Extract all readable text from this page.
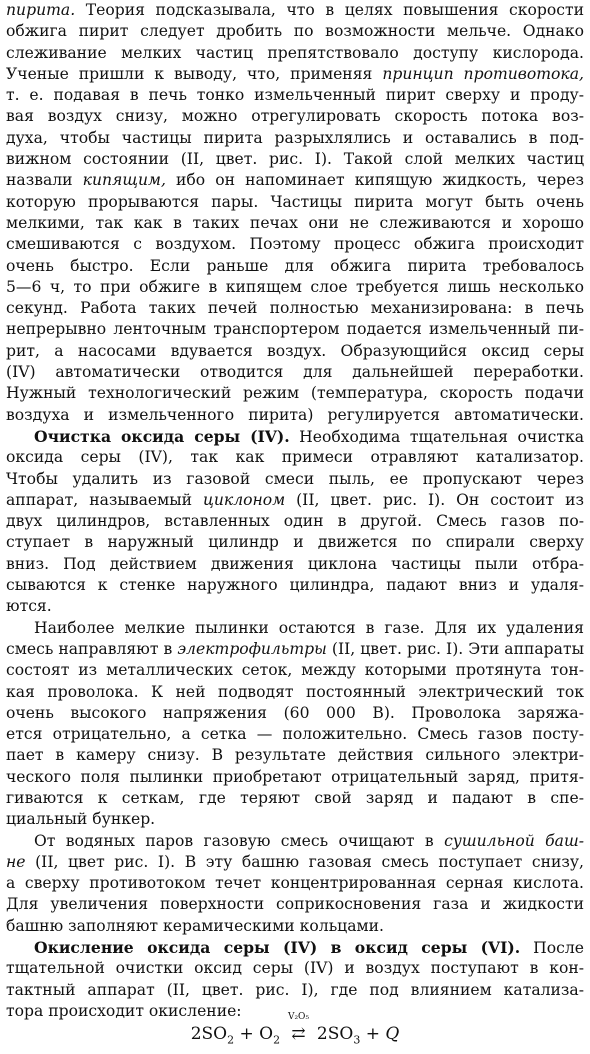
пирита. Теория подсказывала, что в целях повышения скорости
обжига пирит следует дробить по возможности мельче. Однако
слеживание мелких частиц препятствовало доступу кислорода.
Ученые пришли к выводу, что, применяя принцип противотока,
т. е. подавая в печь тонко измельченный пирит сверху и проду-
вая воздух снизу, можно отрегулировать скорость потока воз-
духа, чтобы частицы пирита разрыхлялись и оставались в под-
вижном состоянии (II, цвет. рис. I). Такой слой мелких частиц
назвали кипящим, ибо он напоминает кипящую жидкость, через
которую прорываются пары. Частицы пирита могут быть очень
мелкими, так как в таких печах они не слеживаются и хорошо
смешиваются с воздухом. Поэтому процесс обжига происходит
очень быстро. Если раньше для обжига пирита требовалось
5—6 ч, то при обжиге в кипящем слое требуется лишь несколько
секунд. Работа таких печей полностью механизирована: в печь
непрерывно ленточным транспортером подается измельченный пи-
рит, а насосами вдувается воздух. Образующийся оксид серы
(IV) автоматически отводится для дальнейшей переработки.
Нужный технологический режим (температура, скорость подачи
воздуха и измельченного пирита) регулируется автоматически.
Очистка оксида серы (IV). Необходима тщательная очистка
оксида серы (IV), так как примеси отравляют катализатор.
Чтобы удалить из газовой смеси пыль, ее пропускают через
аппарат, называемый циклоном (II, цвет. рис. I). Он состоит из
двух цилиндров, вставленных один в другой. Смесь газов по-
ступает в наружный цилиндр и движется по спирали сверху
вниз. Под действием движения циклона частицы пыли отбра-
сываются к стенке наружного цилиндра, падают вниз и удаля-
ются.
Наиболее мелкие пылинки остаются в газе. Для их удаления
смесь направляют в электрофильтры (II, цвет. рис. I). Эти аппараты
состоят из металлических сеток, между которыми протянута тон-
кая проволока. К ней подводят постоянный электрический ток
очень высокого напряжения (60 000 В). Проволока заряжа-
ется отрицательно, а сетка — положительно. Смесь газов посту-
пает в камеру снизу. В результате действия сильного электри-
ческого поля пылинки приобретают отрицательный заряд, притя-
гиваются к сеткам, где теряют свой заряд и падают в спе-
циальный бункер.
От водяных паров газовую смесь очищают в сушильной баш-
не (II, цвет рис. I). В эту башню газовая смесь поступает снизу,
а сверху противотоком течет концентрированная серная кислота.
Для увеличения поверхности соприкосновения газа и жидкости
башню заполняют керамическими кольцами.
Окисление оксида серы (IV) в оксид серы (VI). После
тщательной очистки оксид серы (IV) и воздух поступают в кон-
тактный аппарат (II, цвет. рис. I), где под влиянием катализа-
тора происходит окисление:
$2SO_2 + O_2$
V₂O₅
⇄ $2SO_3 + Q$
